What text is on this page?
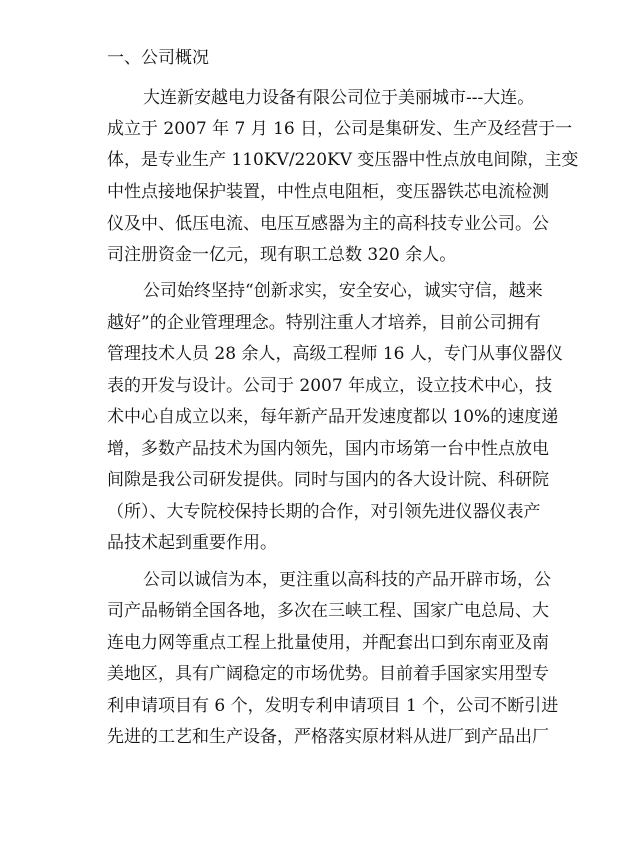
一、公司概况
大连新安越电力设备有限公司位于美丽城市---大连。
成立于 2007 年 7 月 16 日，公司是集研发、生产及经营于一
体，是专业生产 110KV/220KV 变压器中性点放电间隙，主变
中性点接地保护装置，中性点电阻柜，变压器铁芯电流检测
仪及中、低压电流、电压互感器为主的高科技专业公司。公
司注册资金一亿元，现有职工总数 320 余人。
公司始终坚持“创新求实，安全安心，诚实守信，越来
越好”的企业管理理念。特别注重人才培养，目前公司拥有
管理技术人员 28 余人，高级工程师 16 人，专门从事仪器仪
表的开发与设计。公司于 2007 年成立，设立技术中心，技
术中心自成立以来，每年新产品开发速度都以 10%的速度递
增，多数产品技术为国内领先，国内市场第一台中性点放电
间隙是我公司研发提供。同时与国内的各大设计院、科研院
（所）、大专院校保持长期的合作，对引领先进仪器仪表产
品技术起到重要作用。
公司以诚信为本，更注重以高科技的产品开辟市场，公
司产品畅销全国各地，多次在三峡工程、国家广电总局、大
连电力网等重点工程上批量使用，并配套出口到东南亚及南
美地区，具有广阔稳定的市场优势。目前着手国家实用型专
利申请项目有 6 个，发明专利申请项目 1 个，公司不断引进
先进的工艺和生产设备，严格落实原材料从进厂到产品出厂
